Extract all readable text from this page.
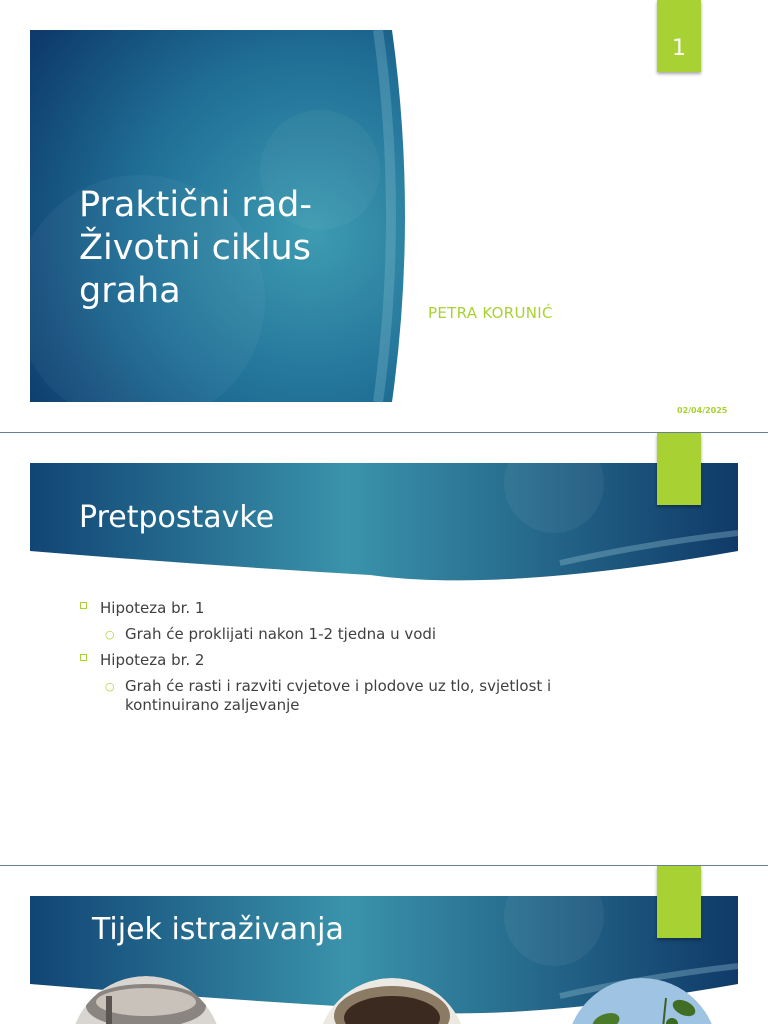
Praktični rad-Životni ciklus graha
1
PETRA KORUNIĆ
02/04/2025
Pretpostavke
Hipoteza br. 1
○ Grah će proklijati nakon 1-2 tjedna u vodi
Hipoteza br. 2
○ Grah će rasti i razviti cvjetove i plodove uz tlo, svjetlost i kontinuirano zaljevanje
Tijek istraživanja
